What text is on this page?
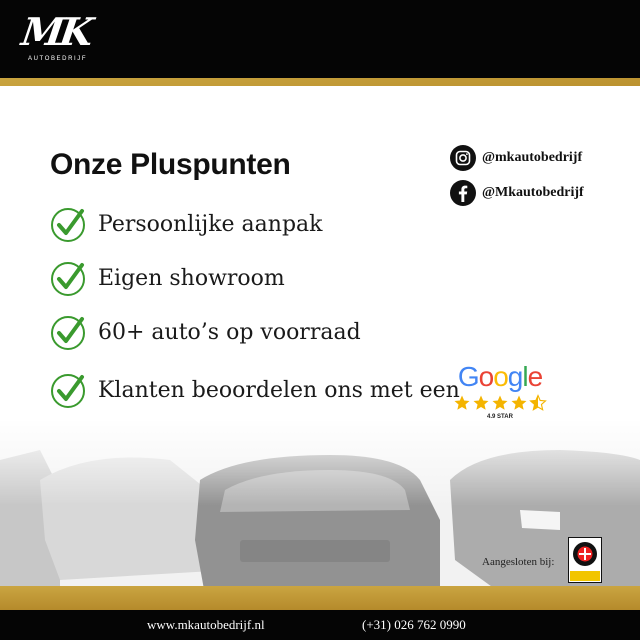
MK
AUTOBEDRIJF
Onze Pluspunten
Persoonlijke aanpak
Eigen showroom
60+ auto’s op voorraad
Klanten beoordelen ons met een
@mkautobedrijf
@Mkautobedrijf
Google
4.9 STAR
Aangesloten bij:
www.mkautobedrijf.nl	(+31) 026 762 0990
